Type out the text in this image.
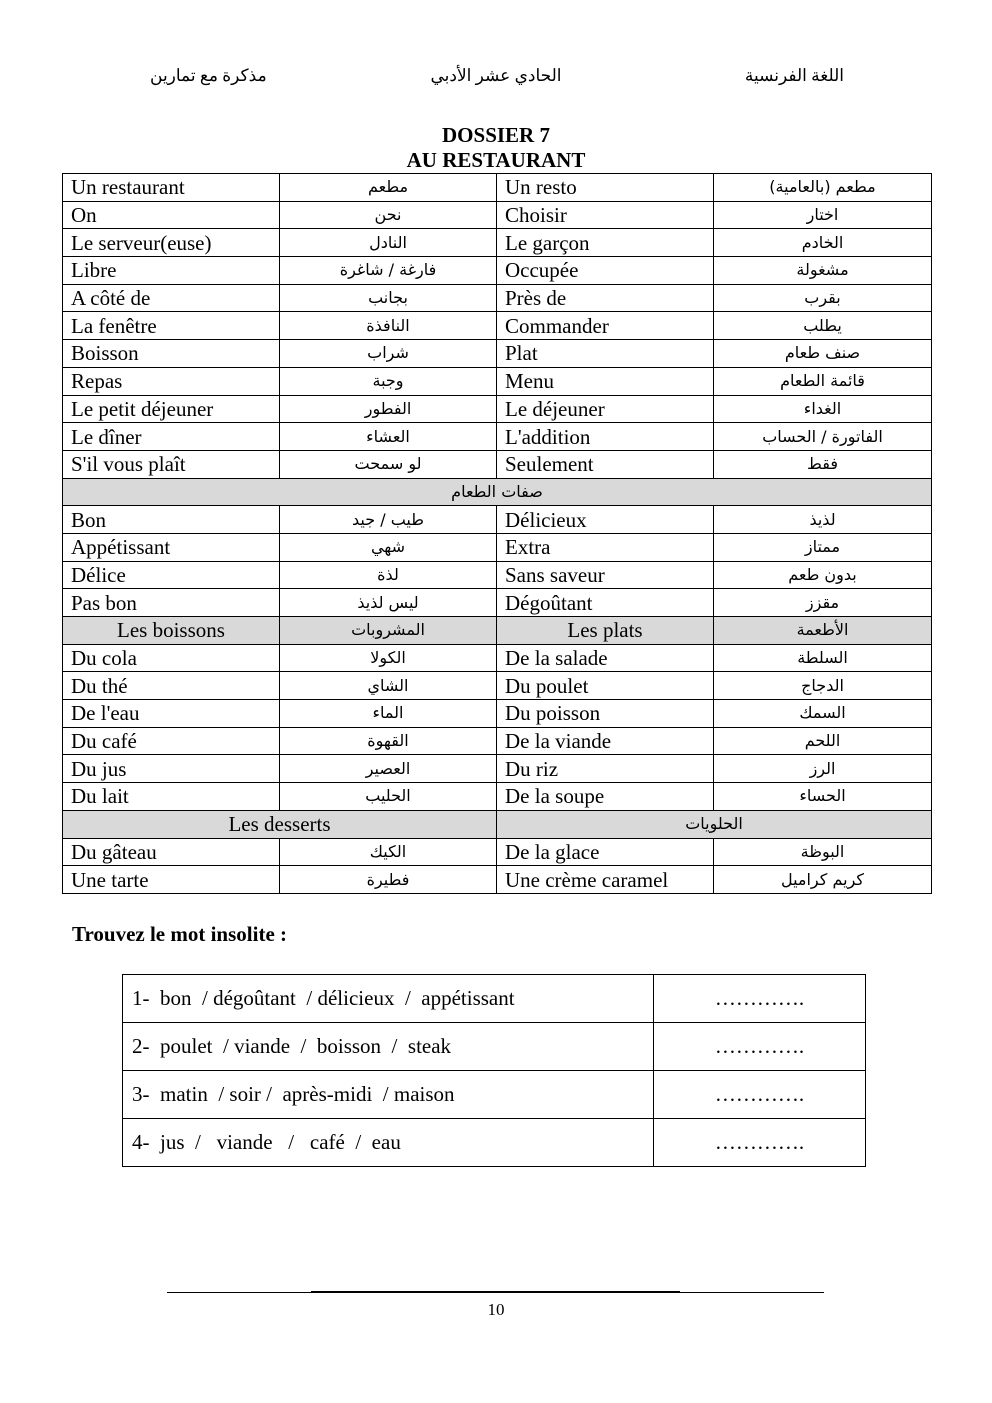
اللغة الفرنسية
الحادي عشر الأدبي
مذكرة مع تمارين
DOSSIER 7
AU RESTAURANT
Un restaurant	مطعم	Un resto	مطعم (بالعامية)
On	نحن	Choisir	اختار
Le serveur(euse)	النادل	Le garçon	الخادم
Libre	فارغة / شاغرة	Occupée	مشغولة
A côté de	بجانب	Près de	بقرب
La fenêtre	النافذة	Commander	يطلب
Boisson	شراب	Plat	صنف طعام
Repas	وجبة	Menu	قائمة الطعام
Le petit déjeuner	الفطور	Le déjeuner	الغداء
Le dîner	العشاء	L'addition	الفاتورة / الحساب
S'il vous plaît	لو سمحت	Seulement	فقط
صفات الطعام			
Bon	طيب / جيد	Délicieux	لذيذ
Appétissant	شهي	Extra	ممتاز
Délice	لذة	Sans saveur	بدون طعم
Pas bon	ليس لذيذ	Dégoûtant	مقزز
Les boissons	المشروبات	Les plats	الأطعمة
Du cola	الكولا	De la salade	السلطة
Du thé	الشاي	Du poulet	الدجاج
De l'eau	الماء	Du poisson	السمك
Du café	القهوة	De la viande	اللحم
Du jus	العصير	Du riz	الرز
Du lait	الحليب	De la soupe	الحساء
Les desserts		الحلويات	
Du gâteau	الكيك	De la glace	البوظة
Une tarte	فطيرة	Une crème caramel	كريم كراميل
Trouvez le mot insolite :
1-  bon  / dégoûtant  / délicieux  /  appétissant	………….
2-  poulet  / viande  /  boisson  /  steak	………….
3-  matin  / soir /  après-midi  / maison	………….
4-  jus  /   viande   /   café  /  eau	………….
10
